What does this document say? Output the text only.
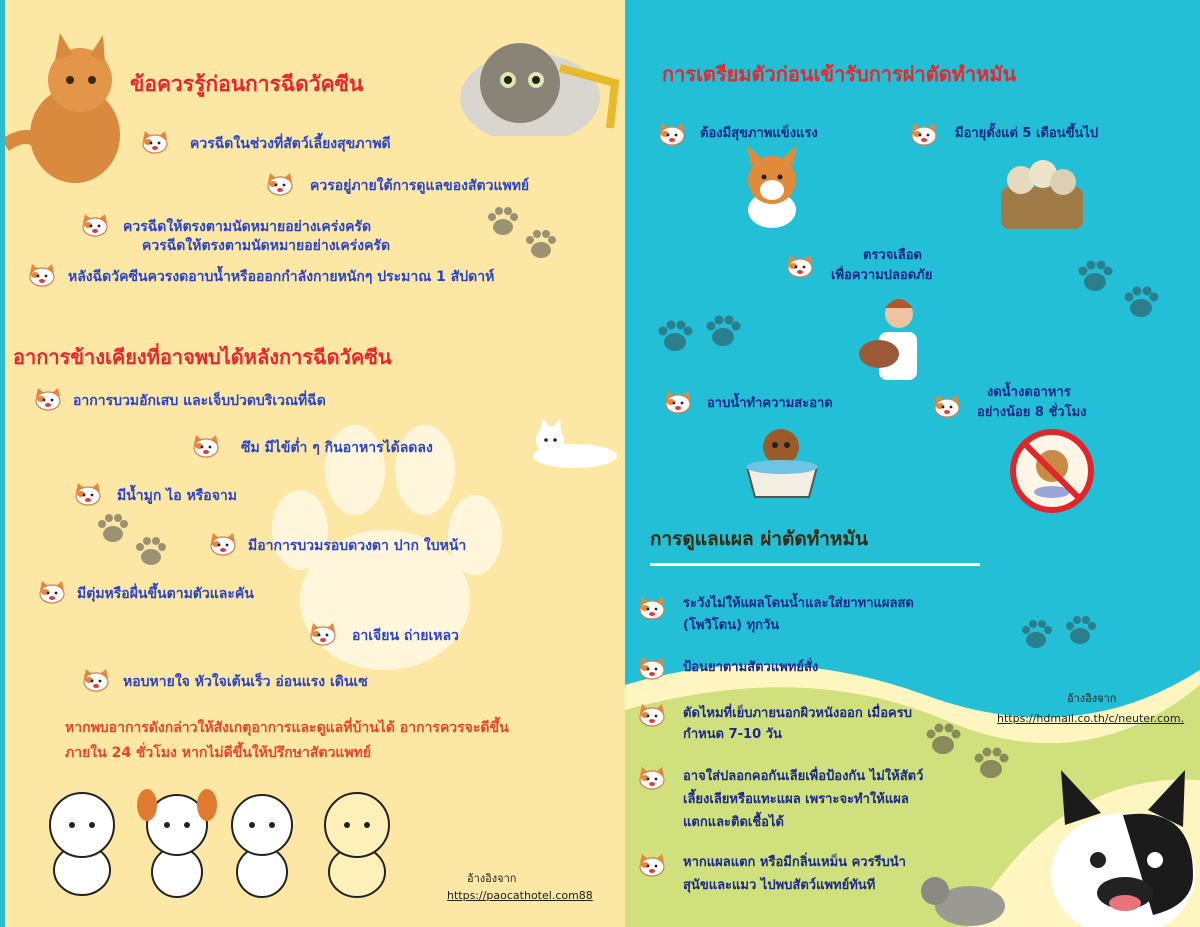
ข้อควรรู้ก่อนการฉีดวัคซีน
ควรฉีดในช่วงที่สัตว์เลี้ยงสุขภาพดี
ควรอยู่ภายใต้การดูแลของสัตวแพทย์
ควรฉีดให้ตรงตามนัดหมายอย่างเคร่งครัด
ควรฉีดให้ตรงตามนัดหมายอย่างเคร่งครัด
หลังฉีดวัคซีนควรงดอาบน้ำหรือออกกำลังกายหนักๆ ประมาณ 1 สัปดาห์
อาการข้างเคียงที่อาจพบได้หลังการฉีดวัคซีน
อาการบวมอักเสบ และเจ็บปวดบริเวณที่ฉีด
ซึม มีไข้ต่ำ ๆ กินอาหารได้ลดลง
มีน้ำมูก ไอ หรือจาม
มีอาการบวมรอบดวงตา ปาก ใบหน้า
มีตุ่มหรือผื่นขึ้นตามตัวและคัน
อาเจียน ถ่ายเหลว
หอบหายใจ หัวใจเต้นเร็ว อ่อนแรง เดินเซ
หากพบอาการดังกล่าวให้สังเกตุอาการและดูแลที่บ้านได้ อาการควรจะดีขึ้น
ภายใน 24 ชั่วโมง หากไม่ดีขึ้นให้ปรึกษาสัตวแพทย์
อ้างอิงจาก
https://paocathotel.com88
การเตรียมตัวก่อนเข้ารับการผ่าตัดทำหมัน
ต้องมีสุขภาพแข็งแรง	มีอายุตั้งแต่ 5 เดือนขึ้นไป
ตรวจเลือด
เพื่อความปลอดภัย
อาบน้ำทำความสะอาด
งดน้ำงดอาหาร
อย่างน้อย 8 ชั่วโมง
การดูแลแผล ผ่าตัดทำหมัน
ระวังไม่ให้แผลโดนน้ำและใส่ยาทาแผลสด
(โพวิโดน) ทุกวัน
ป้อนยาตามสัตวแพทย์สั่ง
อ้างอิงจาก
https://hdmall.co.th/c/neuter.com.
ตัดไหมที่เย็บภายนอกผิวหนังออก เมื่อครบ
กำหนด 7-10 วัน
อาจใส่ปลอกคอกันเลียเพื่อป้องกัน ไม่ให้สัตว์
เลี้ยงเลียหรือแทะแผล เพราะจะทำให้แผล
แตกและติดเชื้อได้
หากแผลแตก หรือมีกลิ่นเหม็น ควรรีบนำ
สุนัขและแมว ไปพบสัตว์แพทย์ทันที
